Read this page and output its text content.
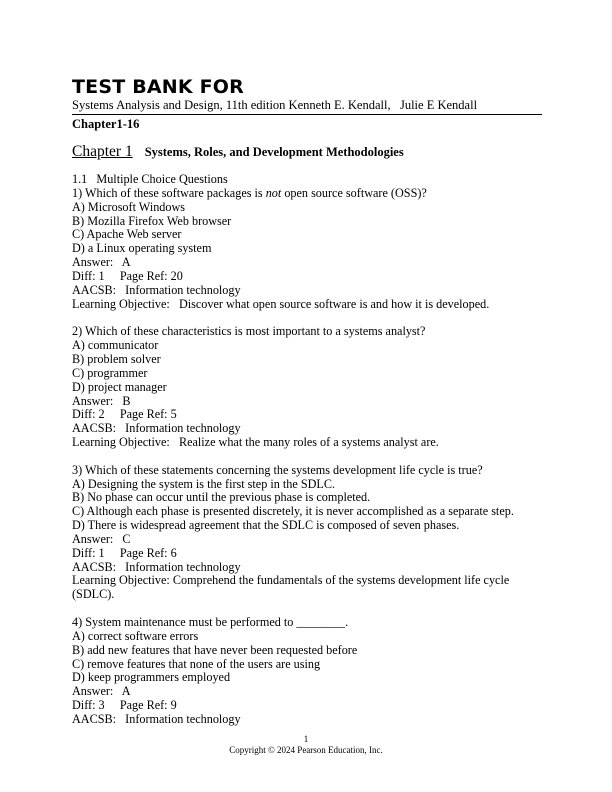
TEST BANK FOR
Systems Analysis and Design, 11th edition Kenneth E. Kendall,   Julie E Kendall
Chapter1-16
Chapter 1 Systems, Roles, and Development Methodologies
1.1   Multiple Choice Questions
1) Which of these software packages is not open source software (OSS)?
A) Microsoft Windows
B) Mozilla Firefox Web browser
C) Apache Web server
D) a Linux operating system
Answer:   A
Diff: 1     Page Ref: 20
AACSB:   Information technology
Learning Objective:   Discover what open source software is and how it is developed.
2) Which of these characteristics is most important to a systems analyst?
A) communicator
B) problem solver
C) programmer
D) project manager
Answer:   B
Diff: 2     Page Ref: 5
AACSB:   Information technology
Learning Objective:   Realize what the many roles of a systems analyst are.
3) Which of these statements concerning the systems development life cycle is true?
A) Designing the system is the first step in the SDLC.
B) No phase can occur until the previous phase is completed.
C) Although each phase is presented discretely, it is never accomplished as a separate step.
D) There is widespread agreement that the SDLC is composed of seven phases.
Answer:   C
Diff: 1     Page Ref: 6
AACSB:   Information technology
Learning Objective: Comprehend the fundamentals of the systems development life cycle (SDLC).
4) System maintenance must be performed to ________.
A) correct software errors
B) add new features that have never been requested before
C) remove features that none of the users are using
D) keep programmers employed
Answer:   A
Diff: 3     Page Ref: 9
AACSB:   Information technology
1
Copyright © 2024 Pearson Education, Inc.
